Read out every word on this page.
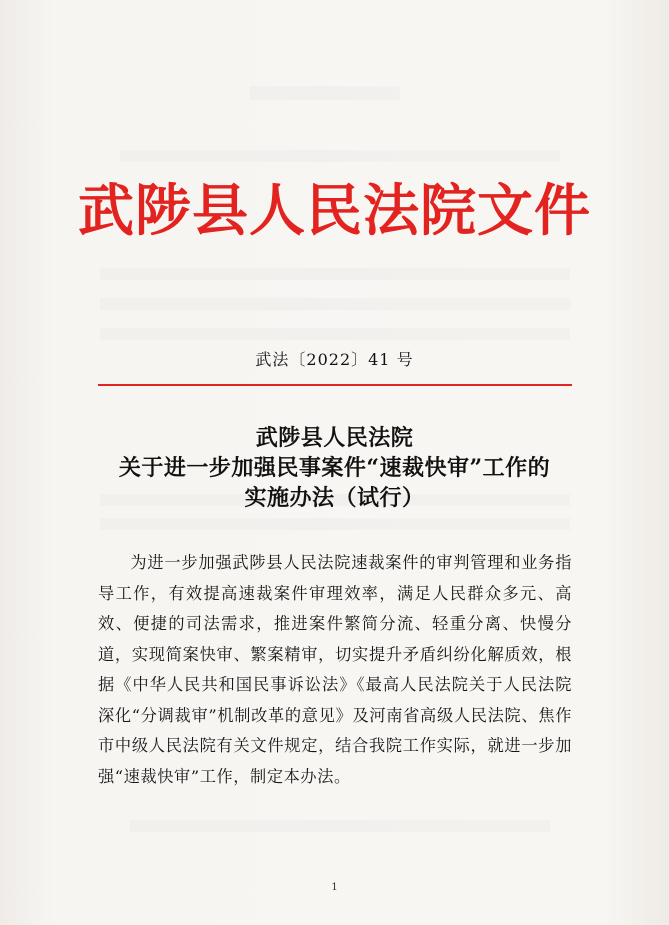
武陟县人民法院文件
武法〔2022〕41 号
武陟县人民法院
关于进一步加强民事案件“速裁快审”工作的
实施办法（试行）
为进一步加强武陟县人民法院速裁案件的审判管理和业务指导工作，有效提高速裁案件审理效率，满足人民群众多元、高效、便捷的司法需求，推进案件繁简分流、轻重分离、快慢分道，实现简案快审、繁案精审，切实提升矛盾纠纷化解质效，根据《中华人民共和国民事诉讼法》《最高人民法院关于人民法院深化“分调裁审”机制改革的意见》及河南省高级人民法院、焦作市中级人民法院有关文件规定，结合我院工作实际，就进一步加强“速裁快审”工作，制定本办法。
1
